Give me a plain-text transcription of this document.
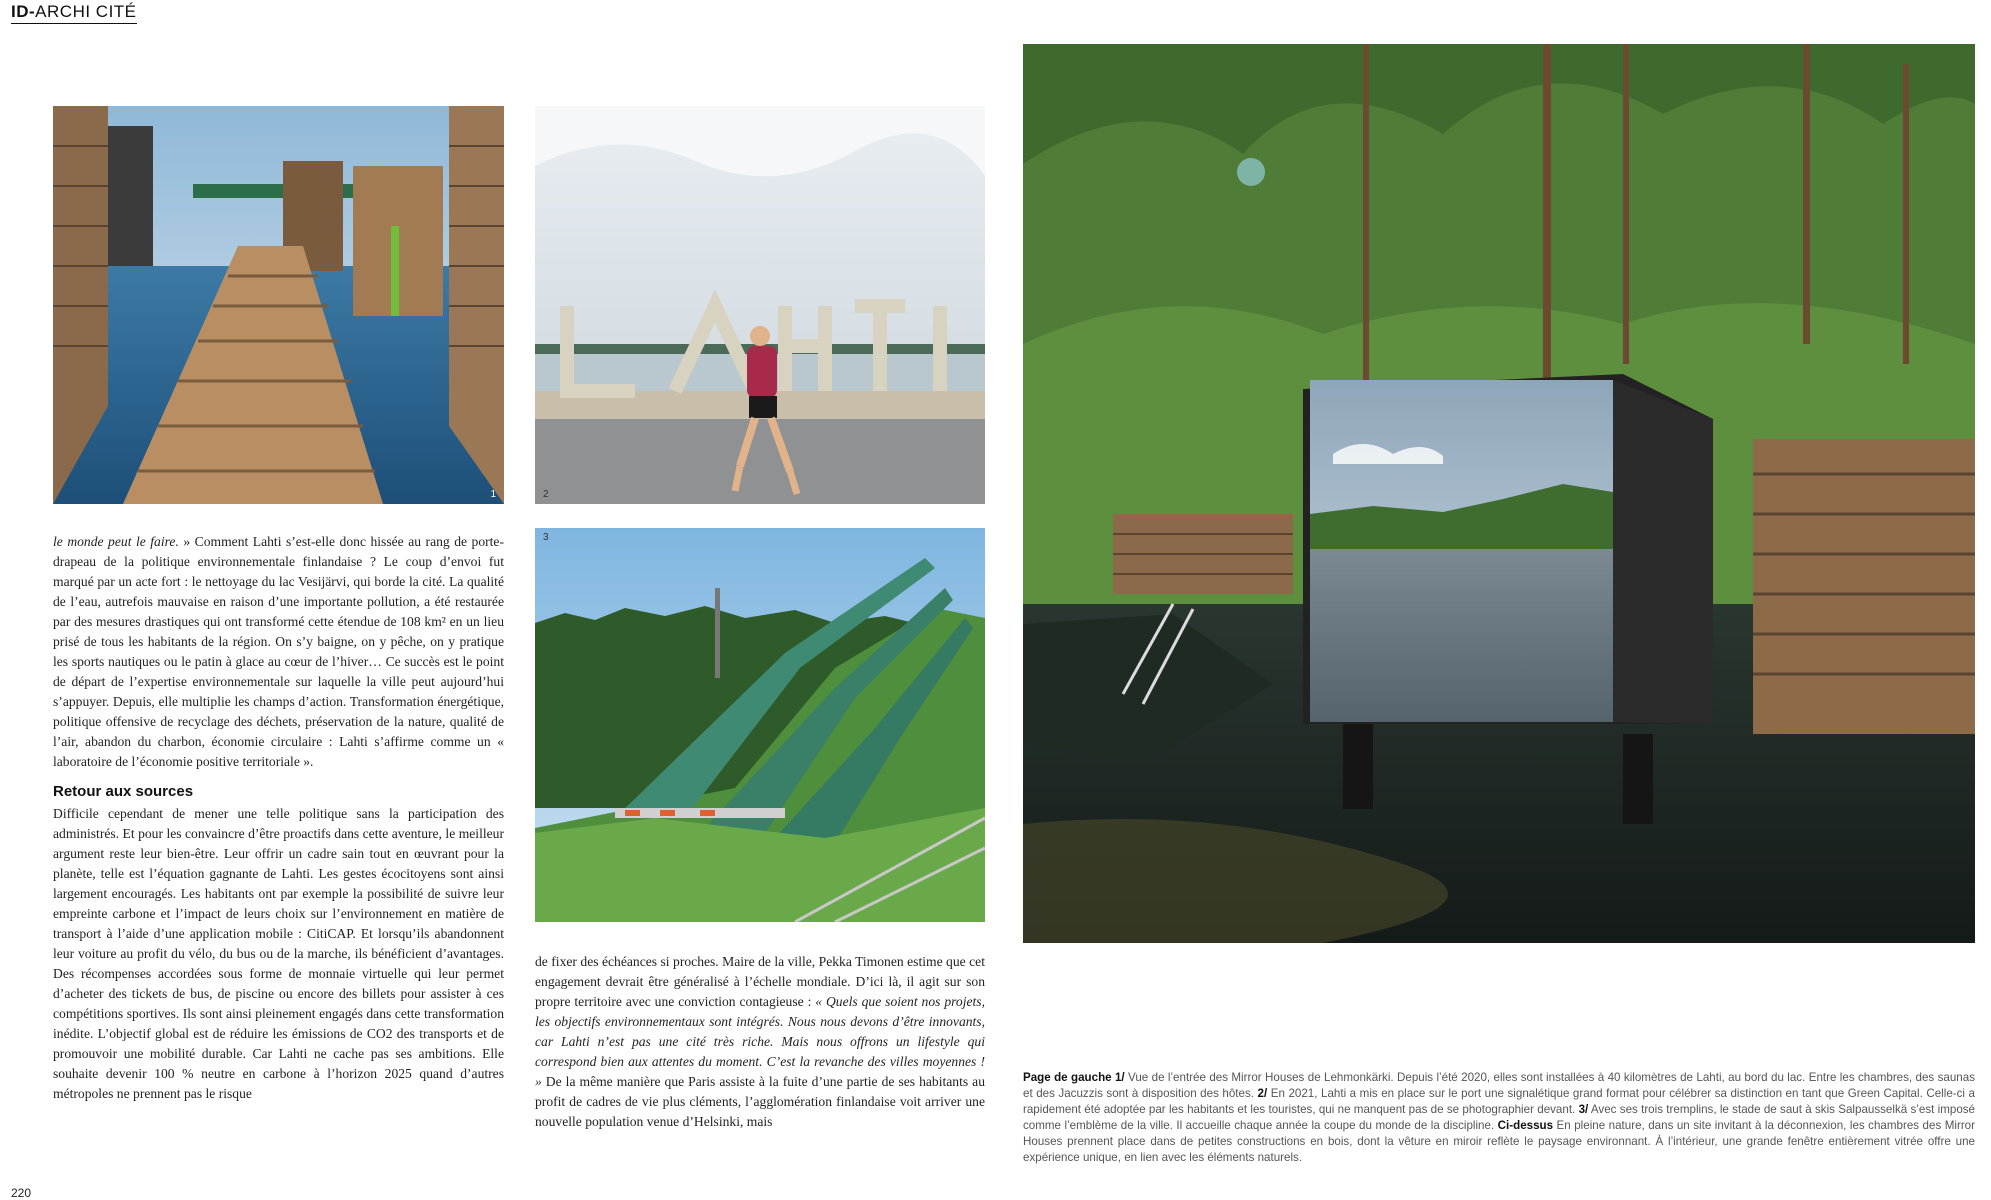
ID-ARCHI CITÉ
1	2
3

le monde peut le faire. » Comment Lahti s’est-elle donc hissée au rang de porte-drapeau de la politique environnementale finlandaise ? Le coup d’envoi fut marqué par un acte fort : le nettoyage du lac Vesijärvi, qui borde la cité. La qualité de l’eau, autrefois mauvaise en raison d’une importante pollution, a été restaurée par des mesures drastiques qui ont transformé cette étendue de 108 km² en un lieu prisé de tous les habitants de la région. On s’y baigne, on y pêche, on y pratique les sports nautiques ou le patin à glace au cœur de l’hiver… Ce succès est le point de départ de l’expertise environnementale sur laquelle la ville peut aujourd’hui s’appuyer. Depuis, elle multiplie les champs d’action. Transformation énergétique, politique offensive de recyclage des déchets, préservation de la nature, qualité de l’air, abandon du charbon, économie circulaire : Lahti s’affirme comme un « laboratoire de l’économie positive territoriale ».

Retour aux sources

Difficile cependant de mener une telle politique sans la participation des administrés. Et pour les convaincre d’être proactifs dans cette aventure, le meilleur argument reste leur bien-être. Leur offrir un cadre sain tout en œuvrant pour la planète, telle est l’équation gagnante de Lahti. Les gestes écocitoyens sont ainsi largement encouragés. Les habitants ont par exemple la possibilité de suivre leur empreinte carbone et l’impact de leurs choix sur l’environnement en matière de transport à l’aide d’une application mobile : CitiCAP. Et lorsqu’ils abandonnent leur voiture au profit du vélo, du bus ou de la marche, ils bénéficient d’avantages. Des récompenses accordées sous forme de monnaie virtuelle qui leur permet d’acheter des tickets de bus, de piscine ou encore des billets pour assister à ces compétitions sportives. Ils sont ainsi pleinement engagés dans cette transformation inédite. L’objectif global est de réduire les émissions de CO2 des transports et de promouvoir une mobilité durable. Car Lahti ne cache pas ses ambitions. Elle souhaite devenir 100 % neutre en carbone à l’horizon 2025 quand d’autres métropoles ne prennent pas le risque

de fixer des échéances si proches. Maire de la ville, Pekka Timonen estime que cet engagement devrait être généralisé à l’échelle mondiale. D’ici là, il agit sur son propre territoire avec une conviction contagieuse : « Quels que soient nos projets, les objectifs environnementaux sont intégrés. Nous nous devons d’être innovants, car Lahti n’est pas une cité très riche. Mais nous offrons un lifestyle qui correspond bien aux attentes du moment. C’est la revanche des villes moyennes ! » De la même manière que Paris assiste à la fuite d’une partie de ses habitants au profit de cadres de vie plus cléments, l’agglomération finlandaise voit arriver une nouvelle population venue d’Helsinki, mais

Page de gauche 1/ Vue de l’entrée des Mirror Houses de Lehmonkärki. Depuis l’été 2020, elles sont installées à 40 kilomètres de Lahti, au bord du lac. Entre les chambres, des saunas et des Jacuzzis sont à disposition des hôtes. 2/ En 2021, Lahti a mis en place sur le port une signalétique grand format pour célébrer sa distinction en tant que Green Capital. Celle-ci a rapidement été adoptée par les habitants et les touristes, qui ne manquent pas de se photographier devant. 3/ Avec ses trois tremplins, le stade de saut à skis Salpausselkä s’est imposé comme l’emblème de la ville. Il accueille chaque année la coupe du monde de la discipline. Ci-dessus En pleine nature, dans un site invitant à la déconnexion, les chambres des Mirror Houses prennent place dans de petites constructions en bois, dont la vêture en miroir reflète le paysage environnant. À l’intérieur, une grande fenêtre entièrement vitrée offre une expérience unique, en lien avec les éléments naturels.
220
